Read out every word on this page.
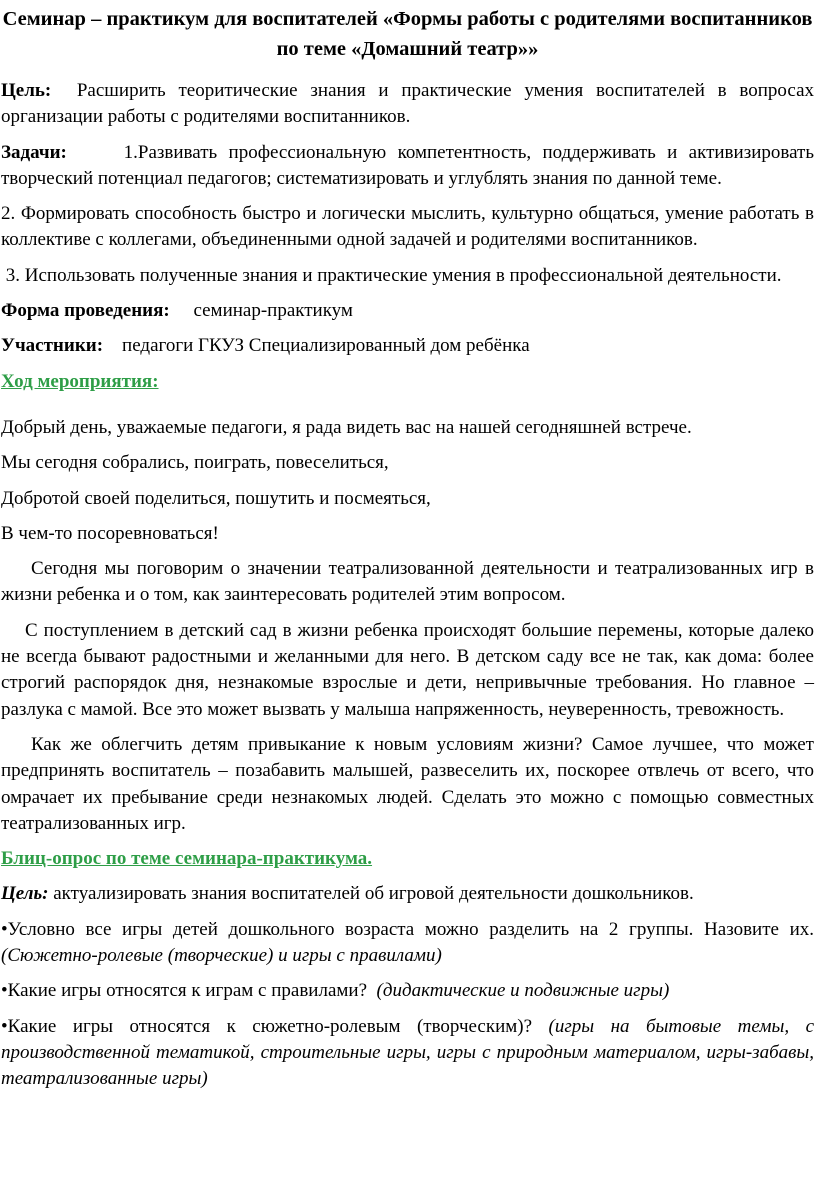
Семинар – практикум для воспитателей «Формы работы с родителями воспитанников по теме «Домашний театр»»

Цель: Расширить теоритические знания и практические умения воспитателей в вопросах организации работы с родителями воспитанников.

Задачи:	1.Развивать профессиональную компетентность, поддерживать и активизировать творческий потенциал педагогов; систематизировать и углублять знания по данной теме.

2. Формировать способность быстро и логически мыслить, культурно общаться, умение работать в коллективе с коллегами, объединенными одной задачей и родителями воспитанников.

3. Использовать полученные знания и практические умения в профессиональной деятельности.

Форма проведения: семинар-практикум

Участники: педагоги ГКУЗ Специализированный дом ребёнка

Ход мероприятия:

Добрый день, уважаемые педагоги, я рада видеть вас на нашей сегодняшней встрече.

Мы сегодня собрались, поиграть, повеселиться,

Добротой своей поделиться, пошутить и посмеяться,

В чем-то посоревноваться!

Сегодня мы поговорим о значении театрализованной деятельности и театрализованных игр в жизни ребенка и о том, как заинтересовать родителей этим вопросом.

С поступлением в детский сад в жизни ребенка происходят большие перемены, которые далеко не всегда бывают радостными и желанными для него. В детском саду все не так, как дома: более строгий распорядок дня, незнакомые взрослые и дети, непривычные требования. Но главное – разлука с мамой. Все это может вызвать у малыша напряженность, неуверенность, тревожность.

Как же облегчить детям привыкание к новым условиям жизни? Самое лучшее, что может предпринять воспитатель – позабавить малышей, развеселить их, поскорее отвлечь от всего, что омрачает их пребывание среди незнакомых людей. Сделать это можно с помощью совместных театрализованных игр.

Блиц-опрос по теме семинара-практикума.

Цель: актуализировать знания воспитателей об игровой деятельности дошкольников.

•Условно все игры детей дошкольного возраста можно разделить на 2 группы. Назовите их. (Сюжетно-ролевые (творческие) и игры с правилами)

•Какие игры относятся к играм с правилами? (дидактические и подвижные игры)

•Какие игры относятся к сюжетно-ролевым (творческим)? (игры на бытовые темы, с производственной тематикой, строительные игры, игры с природным материалом, игры-забавы, театрализованные игры)
